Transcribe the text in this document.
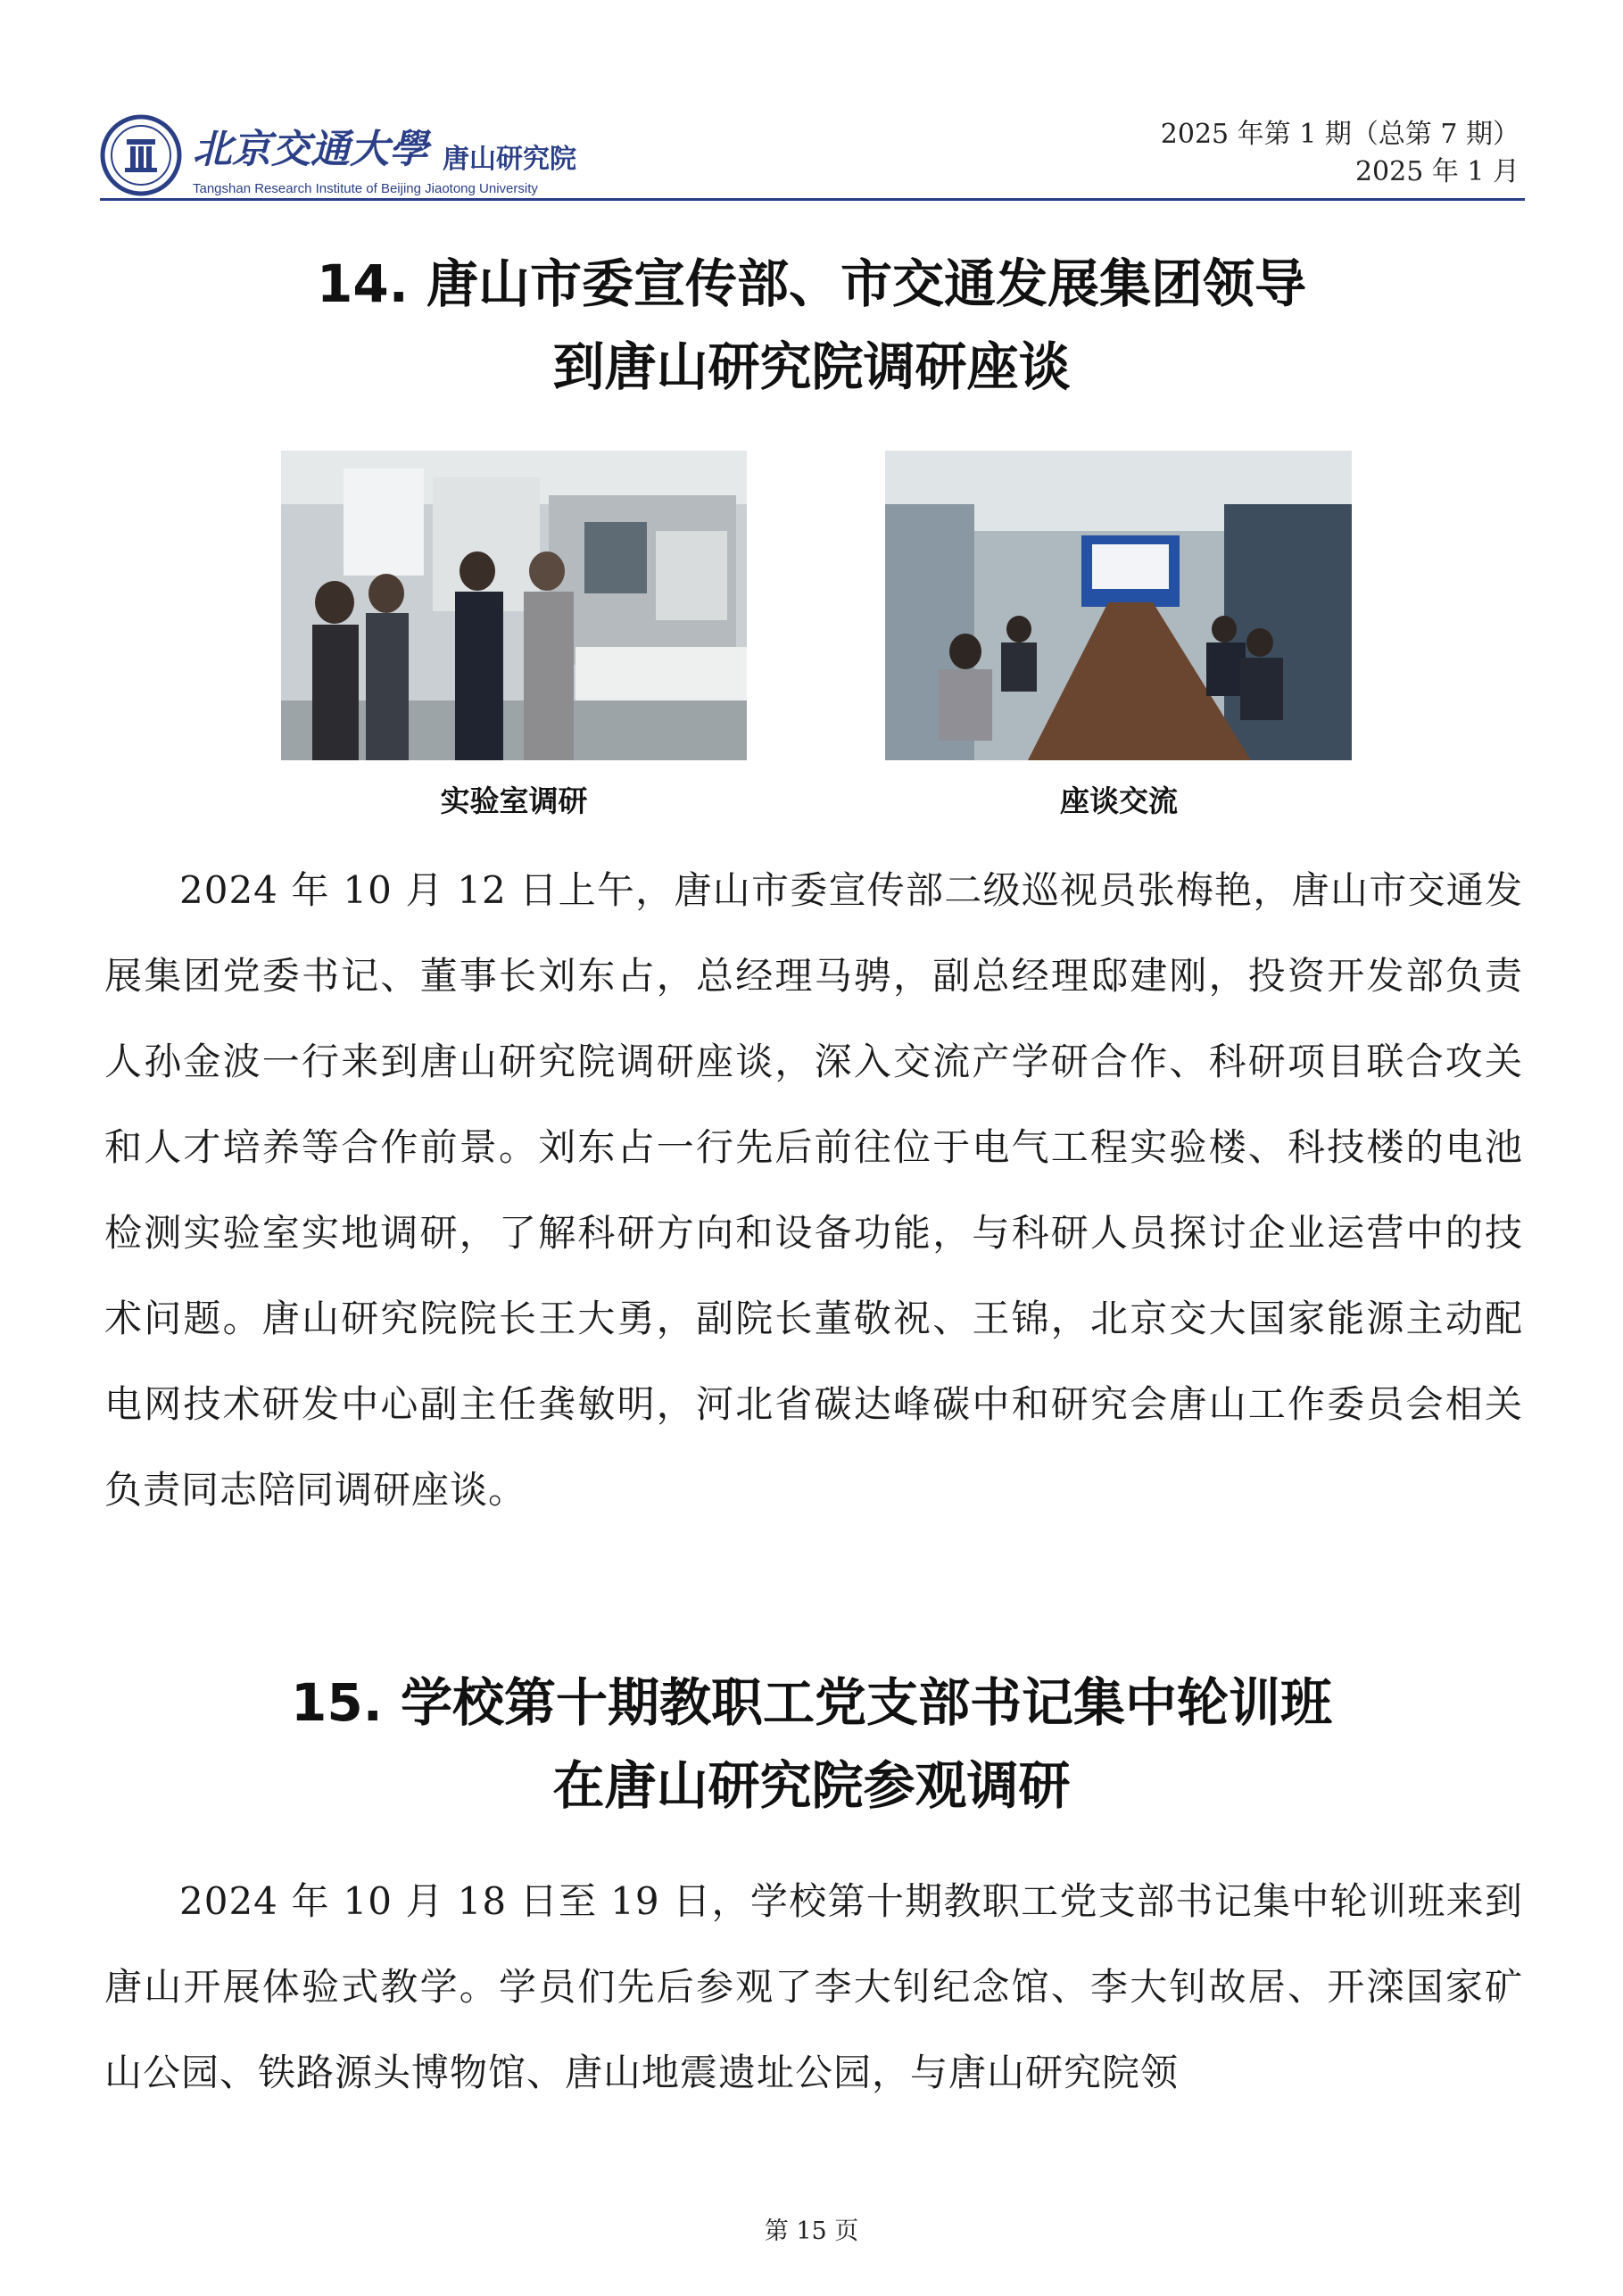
北京交通大學 唐山研究院
Tangshan Research Institute of Beijing Jiaotong University
2025 年第 1 期（总第 7 期）
2025 年 1 月
14. 唐山市委宣传部、市交通发展集团领导
到唐山研究院调研座谈
实验室调研	座谈交流

2024 年 10 月 12 日上午，唐山市委宣传部二级巡视员张梅艳，唐山市交通发展集团党委书记、董事长刘东占，总经理马骋，副总经理邸建刚，投资开发部负责人孙金波一行来到唐山研究院调研座谈，深入交流产学研合作、科研项目联合攻关和人才培养等合作前景。刘东占一行先后前往位于电气工程实验楼、科技楼的电池检测实验室实地调研，了解科研方向和设备功能，与科研人员探讨企业运营中的技术问题。唐山研究院院长王大勇，副院长董敬祝、王锦，北京交大国家能源主动配电网技术研发中心副主任龚敏明，河北省碳达峰碳中和研究会唐山工作委员会相关负责同志陪同调研座谈。

15. 学校第十期教职工党支部书记集中轮训班
在唐山研究院参观调研

2024 年 10 月 18 日至 19 日，学校第十期教职工党支部书记集中轮训班来到唐山开展体验式教学。学员们先后参观了李大钊纪念馆、李大钊故居、开滦国家矿山公园、铁路源头博物馆、唐山地震遗址公园，与唐山研究院领

第 15 页
